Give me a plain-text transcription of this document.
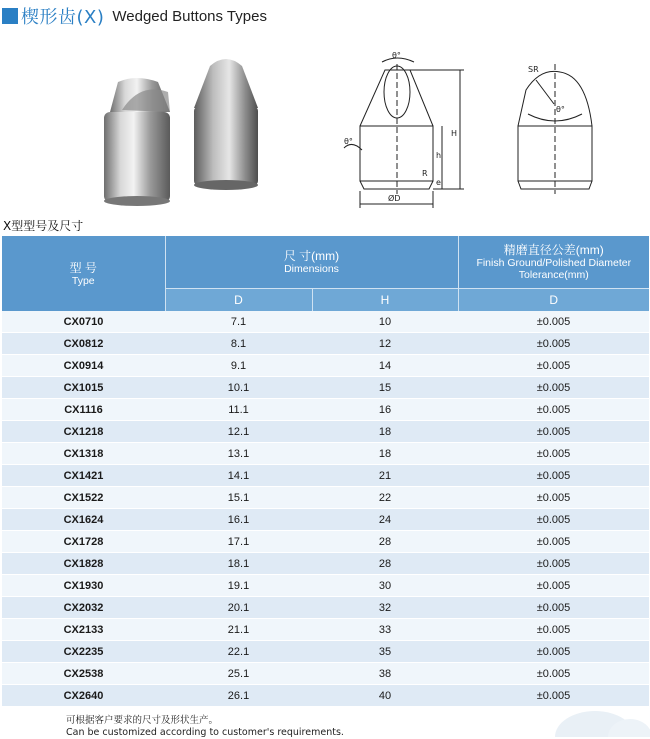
楔形齿(X) Wedged Buttons Types
θ°
θ°
H
h
R
e
ØD
SR
θ°
X型型号及尺寸
型 号
Type	尺 寸(mm)
Dimensions		精磨直径公差(mm)
Finish Ground/Polished Diameter Tolerance(mm)

	D	H	D
CX0710	7.1	10	±0.005
CX0812	8.1	12	±0.005
CX0914	9.1	14	±0.005
CX1015	10.1	15	±0.005
CX1116	11.1	16	±0.005
CX1218	12.1	18	±0.005
CX1318	13.1	18	±0.005
CX1421	14.1	21	±0.005
CX1522	15.1	22	±0.005
CX1624	16.1	24	±0.005
CX1728	17.1	28	±0.005
CX1828	18.1	28	±0.005
CX1930	19.1	30	±0.005
CX2032	20.1	32	±0.005
CX2133	21.1	33	±0.005
CX2235	22.1	35	±0.005
CX2538	25.1	38	±0.005
CX2640	26.1	40	±0.005
可根据客户要求的尺寸及形状生产。
Can be customized according to customer's requirements.
